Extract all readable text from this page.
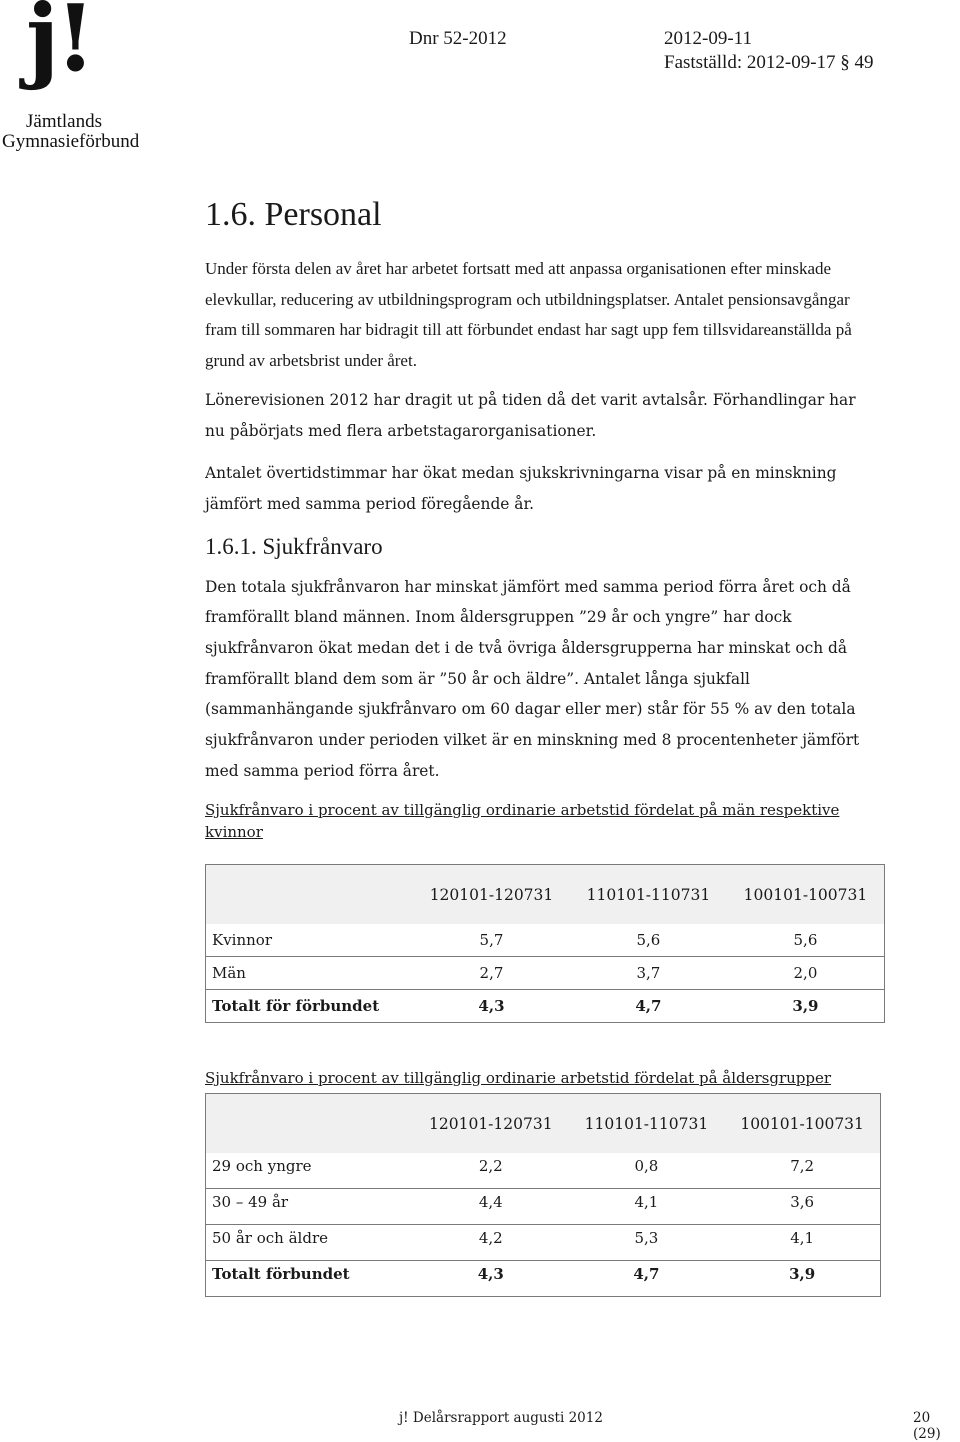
j!
Jämtlands
Gymnasieförbund
Dnr 52-2012	2012-09-11
Fastställd: 2012-09-17 § 49
1.6. Personal

Under första delen av året har arbetet fortsatt med att anpassa organisationen efter minskade elevkullar, reducering av utbildningsprogram och utbildningsplatser. Antalet pensionsavgångar fram till sommaren har bidragit till att förbundet endast har sagt upp fem tillsvidareanställda på grund av arbetsbrist under året.

Lönerevisionen 2012 har dragit ut på tiden då det varit avtalsår. Förhandlingar har nu påbörjats med flera arbetstagarorganisationer.

Antalet övertidstimmar har ökat medan sjukskrivningarna visar på en minskning jämfört med samma period föregående år.

1.6.1. Sjukfrånvaro

Den totala sjukfrånvaron har minskat jämfört med samma period förra året och då framförallt bland männen. Inom åldersgruppen ”29 år och yngre” har dock sjukfrånvaron ökat medan det i de två övriga åldersgrupperna har minskat och då framförallt bland dem som är ”50 år och äldre”. Antalet långa sjukfall (sammanhängande sjukfrånvaro om 60 dagar eller mer) står för 55 % av den totala sjukfrånvaron under perioden vilket är en minskning med 8 procentenheter jämfört med samma period förra året.

Sjukfrånvaro i procent av tillgänglig ordinarie arbetstid fördelat på män respektive kvinnor
	120101-120731	110101-110731	100101-100731
Kvinnor	5,7	5,6	5,6
Män	2,7	3,7	2,0
Totalt för förbundet	4,3	4,7	3,9
Sjukfrånvaro i procent av tillgänglig ordinarie arbetstid fördelat på åldersgrupper
	120101-120731	110101-110731	100101-100731
29 och yngre	2,2	0,8	7,2
30 – 49 år	4,4	4,1	3,6
50 år och äldre	4,2	5,3	4,1
Totalt förbundet	4,3	4,7	3,9
j! Delårsrapport augusti 2012	20 (29)
